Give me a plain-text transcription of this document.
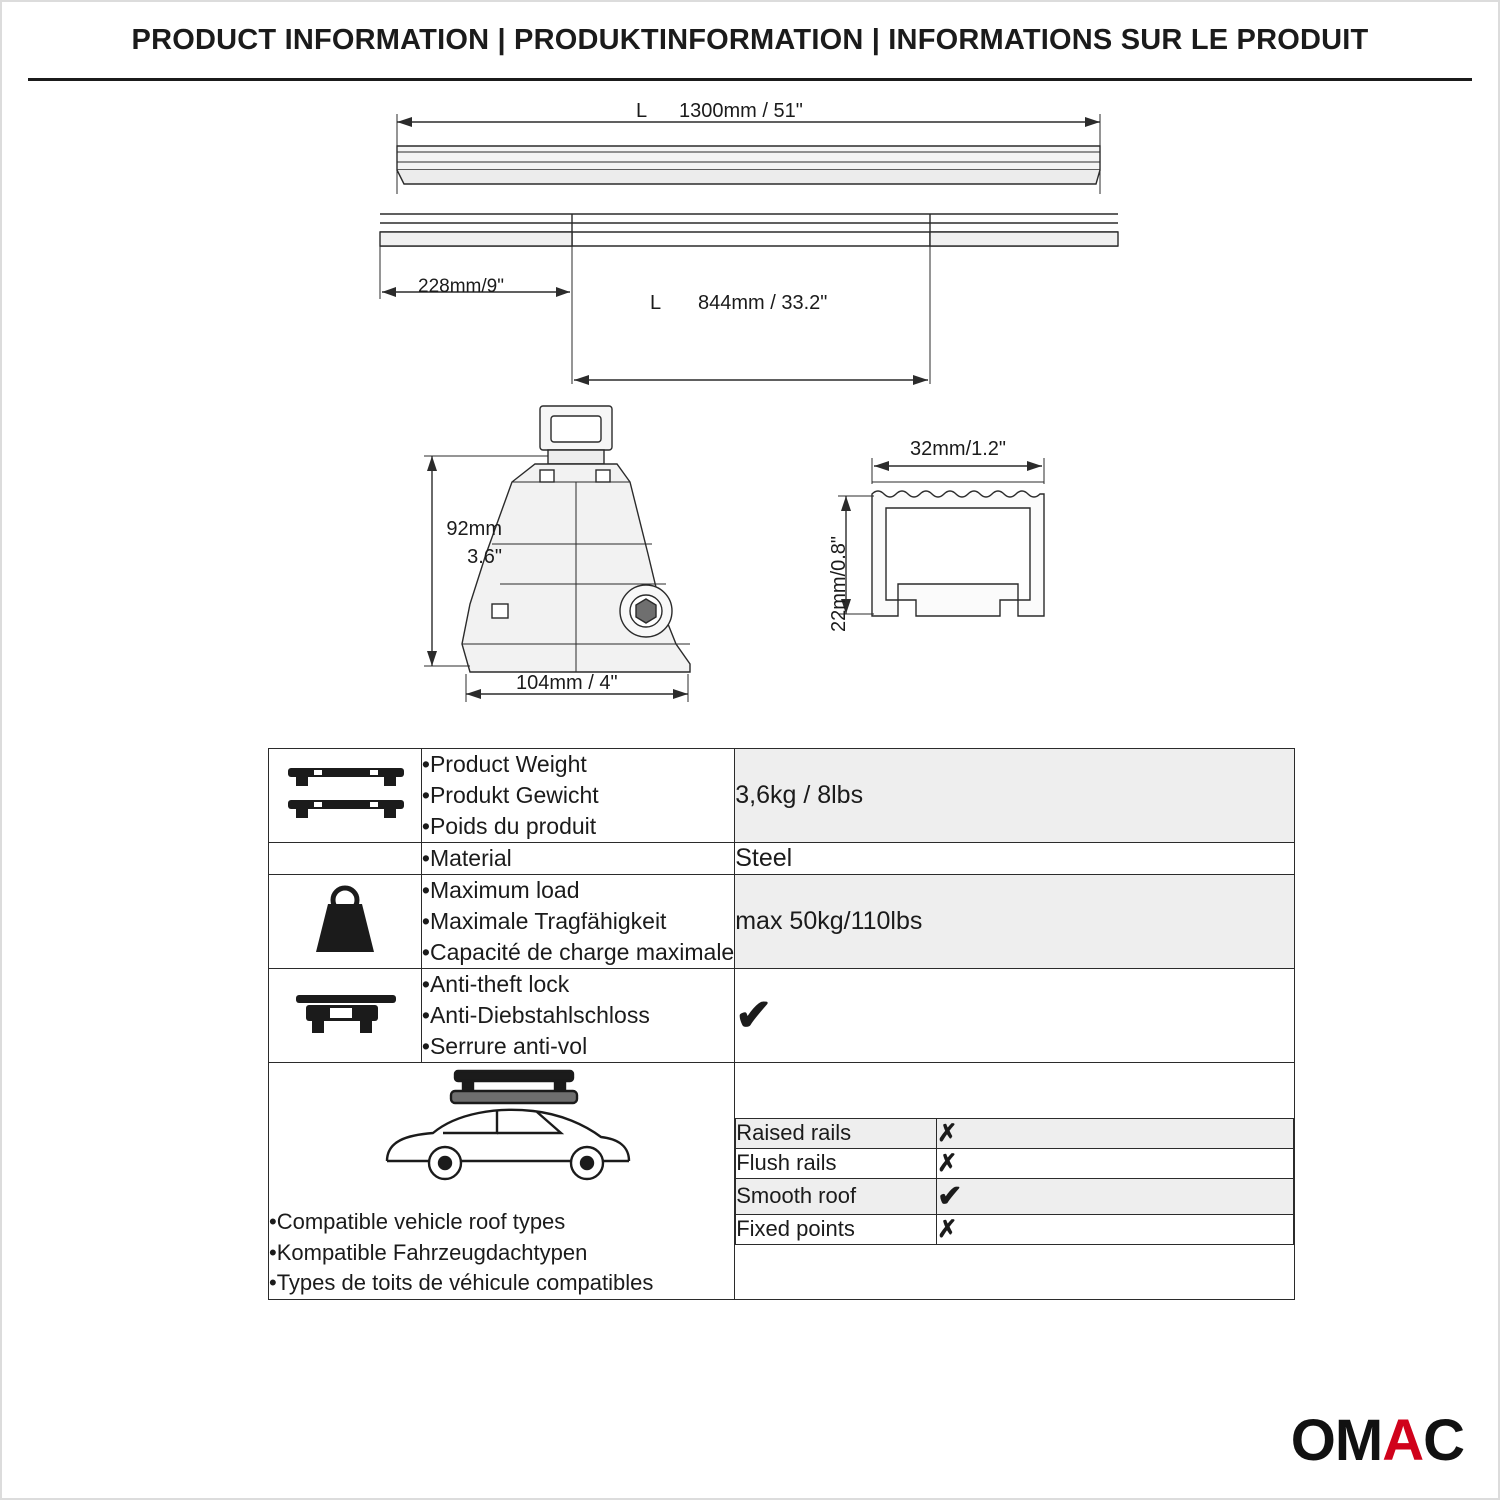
PRODUCT INFORMATION | PRODUKTINFORMATION | INFORMATIONS SUR LE PRODUIT
L 1300mm / 51"
228mm/9"
L 844mm / 33.2"
92mm
3.6"
104mm / 4"
32mm/1.2"
22mm/0.8"

•Product Weight
•Produkt Gewicht
•Poids du produit
	3,6kg / 8lbs

•Material	Steel

•Maximum load
•Maximale Tragfähigkeit
•Capacité de charge maximale
	max 50kg/110lbs

•Anti-theft lock
•Anti-Diebstahlschloss
•Serrure anti-vol
	✔

•Compatible vehicle roof types
•Kompatible Fahrzeugdachtypen
•Types de toits de véhicule compatibles

Raised rails	✗
Flush rails	✗
Smooth roof	✔
Fixed points	✗
O M A C
